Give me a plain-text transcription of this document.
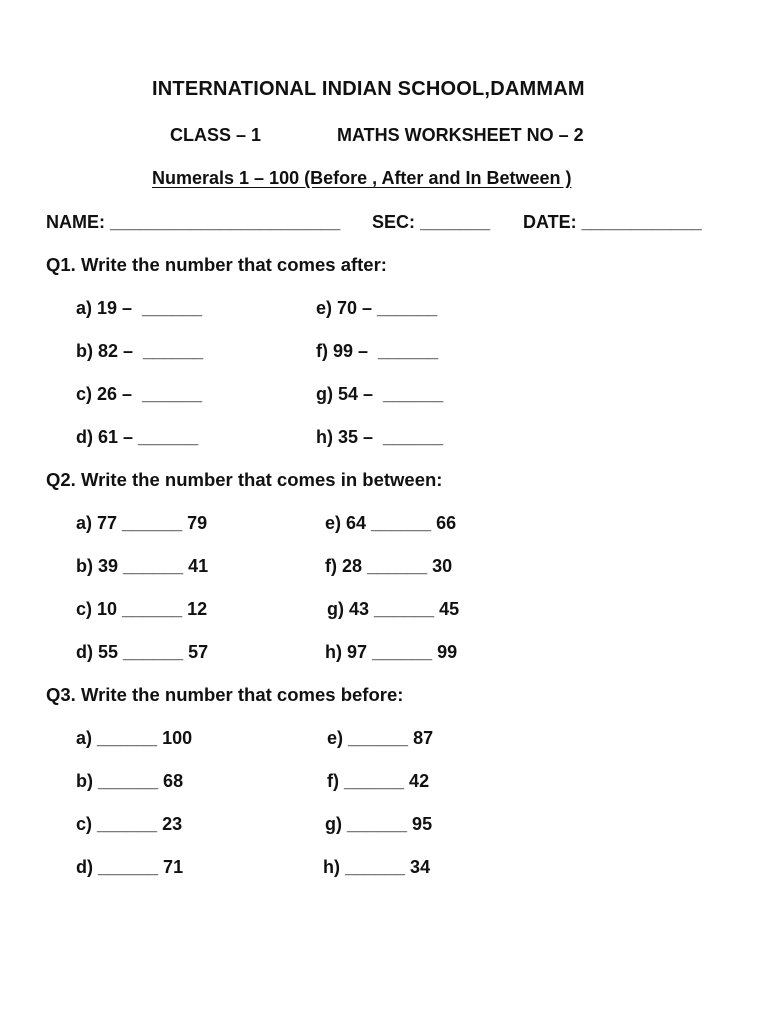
INTERNATIONAL INDIAN SCHOOL,DAMMAM
CLASS – 1	MATHS WORKSHEET NO – 2
Numerals 1 – 100 (Before , After and In Between )
NAME: _______________________ SEC: _______ DATE: ____________
Q1. Write the number that comes after:
a) 19 –  ______
b) 82 –  ______
c) 26 –  ______
d) 61 – ______
e) 70 – ______
f) 99 –  ______
g) 54 –  ______
h) 35 –  ______
Q2. Write the number that comes in between:
a) 77 ______ 79
b) 39 ______ 41
c) 10 ______ 12
d) 55 ______ 57
e) 64 ______ 66
f) 28 ______ 30
g) 43 ______ 45
h) 97 ______ 99
Q3. Write the number that comes before:
a) ______ 100
b) ______ 68
c) ______ 23
d) ______ 71
e) ______ 87
f) ______ 42
g) ______ 95
h) ______ 34
